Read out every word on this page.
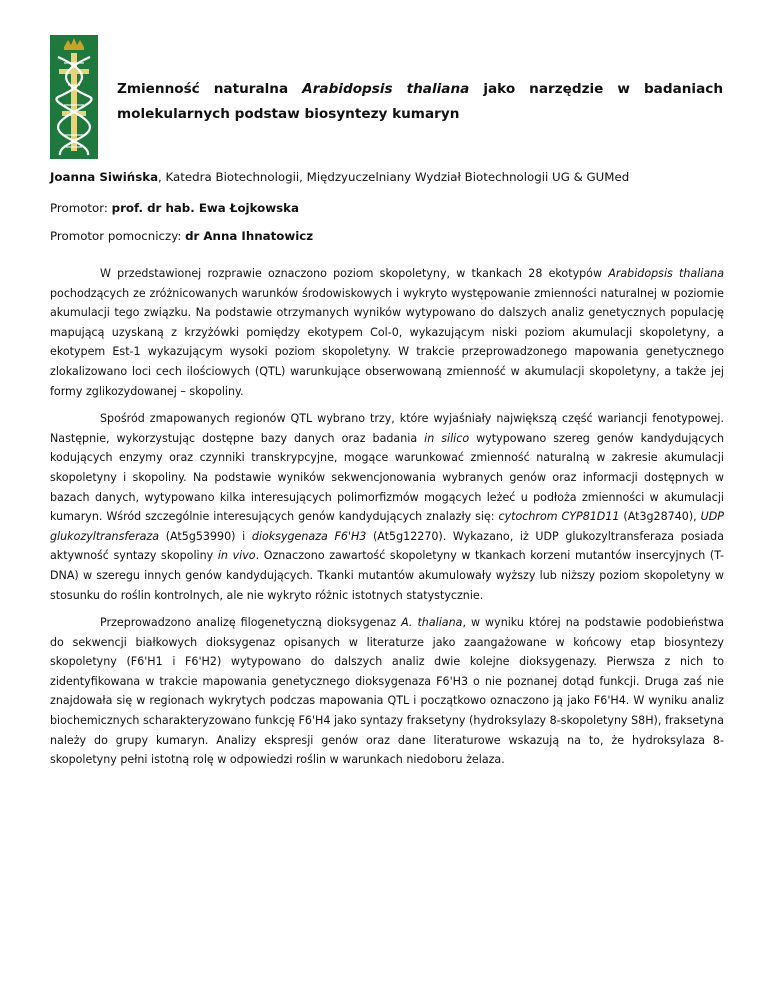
Zmienność naturalna Arabidopsis thaliana jako narzędzie w badaniach molekularnych podstaw biosyntezy kumaryn
Joanna Siwińska, Katedra Biotechnologii, Międzyuczelniany Wydział Biotechnologii UG & GUMed
Promotor: prof. dr hab. Ewa Łojkowska
Promotor pomocniczy: dr Anna Ihnatowicz

W przedstawionej rozprawie oznaczono poziom skopoletyny, w tkankach 28 ekotypów Arabidopsis thaliana pochodzących ze zróżnicowanych warunków środowiskowych i wykryto występowanie zmienności naturalnej w poziomie akumulacji tego związku. Na podstawie otrzymanych wyników wytypowano do dalszych analiz genetycznych populację mapującą uzyskaną z krzyżówki pomiędzy ekotypem Col-0, wykazującym niski poziom akumulacji skopoletyny, a ekotypem Est-1 wykazującym wysoki poziom skopoletyny. W trakcie przeprowadzonego mapowania genetycznego zlokalizowano loci cech ilościowych (QTL) warunkujące obserwowaną zmienność w akumulacji skopoletyny, a także jej formy zglikozydowanej – skopoliny.

Spośród zmapowanych regionów QTL wybrano trzy, które wyjaśniały największą część wariancji fenotypowej. Następnie, wykorzystując dostępne bazy danych oraz badania in silico wytypowano szereg genów kandydujących kodujących enzymy oraz czynniki transkrypcyjne, mogące warunkować zmienność naturalną w zakresie akumulacji skopoletyny i skopoliny. Na podstawie wyników sekwencjonowania wybranych genów oraz informacji dostępnych w bazach danych, wytypowano kilka interesujących polimorfizmów mogących leżeć u podłoża zmienności w akumulacji kumaryn. Wśród szczególnie interesujących genów kandydujących znalazły się: cytochrom CYP81D11 (At3g28740), UDP glukozyltransferaza (At5g53990) i dioksygenaza F6'H3 (At5g12270). Wykazano, iż UDP glukozyltransferaza posiada aktywność syntazy skopoliny in vivo. Oznaczono zawartość skopoletyny w tkankach korzeni mutantów insercyjnych (T-DNA) w szeregu innych genów kandydujących. Tkanki mutantów akumulowały wyższy lub niższy poziom skopoletyny w stosunku do roślin kontrolnych, ale nie wykryto różnic istotnych statystycznie.

Przeprowadzono analizę filogenetyczną dioksygenaz A. thaliana, w wyniku której na podstawie podobieństwa do sekwencji białkowych dioksygenaz opisanych w literaturze jako zaangażowane w końcowy etap biosyntezy skopoletyny (F6'H1 i F6'H2) wytypowano do dalszych analiz dwie kolejne dioksygenazy. Pierwsza z nich to zidentyfikowana w trakcie mapowania genetycznego dioksygenaza F6'H3 o nie poznanej dotąd funkcji. Druga zaś nie znajdowała się w regionach wykrytych podczas mapowania QTL i początkowo oznaczono ją jako F6'H4. W wyniku analiz biochemicznych scharakteryzowano funkcję F6'H4 jako syntazy fraksetyny (hydroksylazy 8-skopoletyny S8H), fraksetyna należy do grupy kumaryn. Analizy ekspresji genów oraz dane literaturowe wskazują na to, że hydroksylaza 8-skopoletyny pełni istotną rolę w odpowiedzi roślin w warunkach niedoboru żelaza.
